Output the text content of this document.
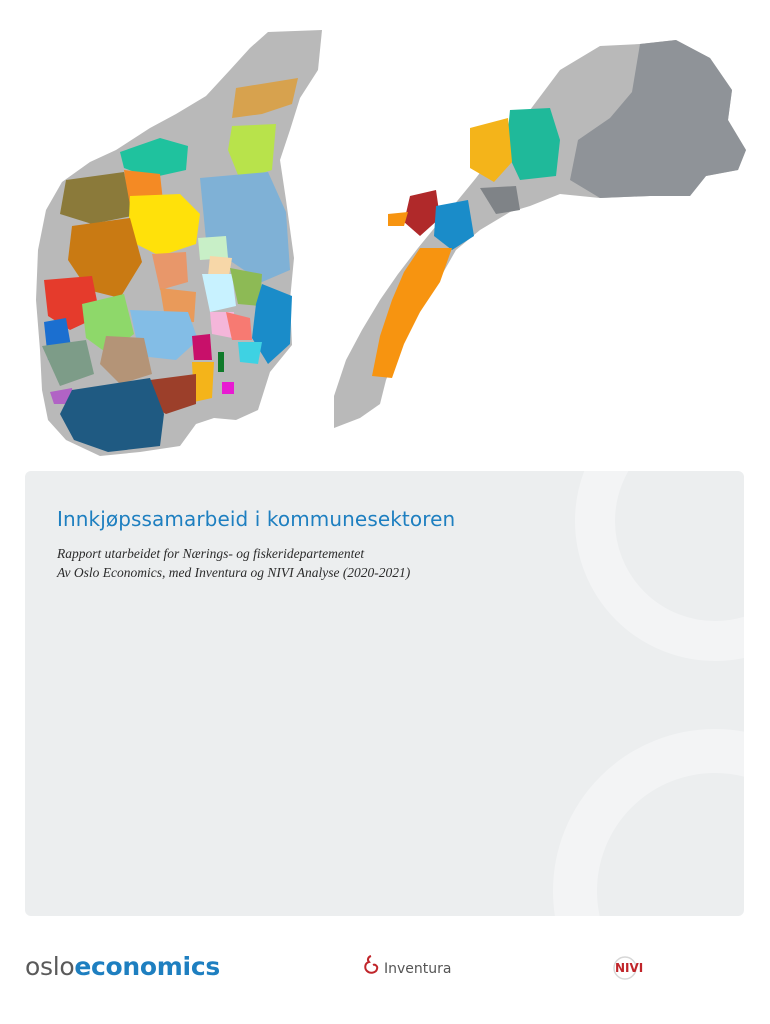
Innkjøpssamarbeid i kommunesektoren

Rapport utarbeidet for Nærings- og fiskeridepartementet

Av Oslo Economics, med Inventura og NIVI Analyse (2020-2021)

osloeconomics	Inventura	NIVI
